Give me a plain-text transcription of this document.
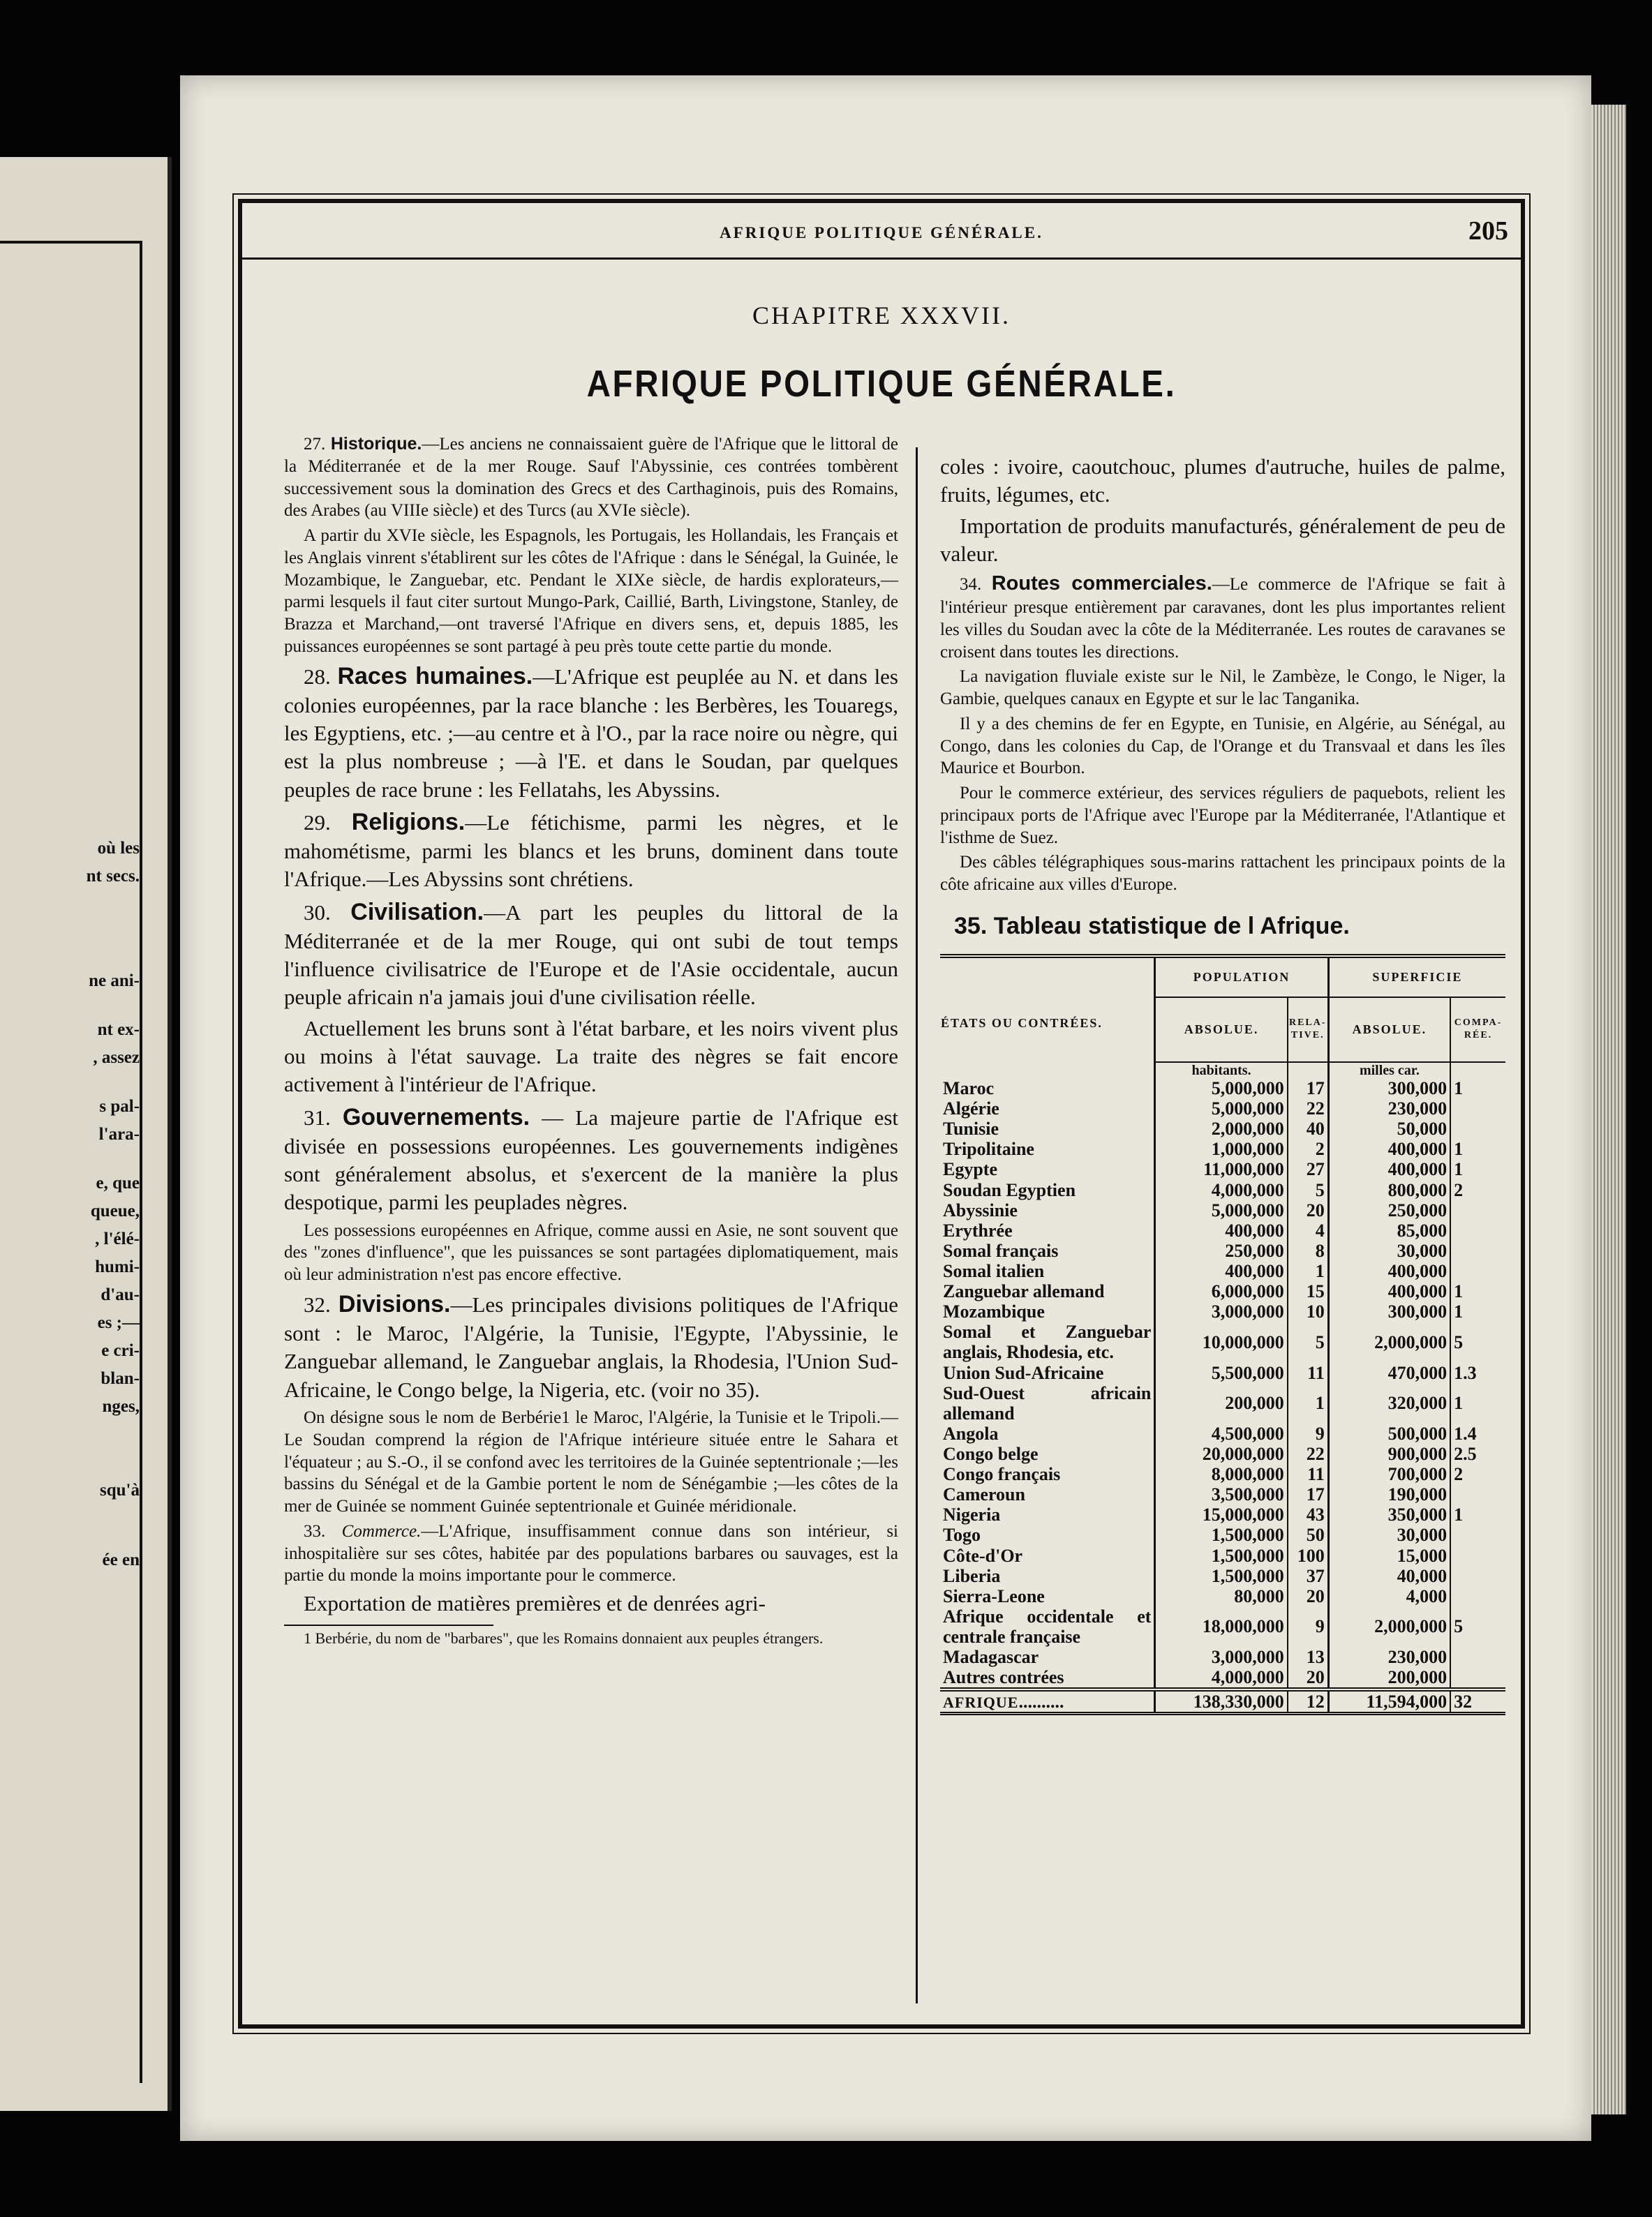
où les
nt secs.
ne ani-
nt ex-
, assez
s pal-
l'ara-
e, que
queue,
, l'élé-
humi-
d'au-
es ;—
e cri-
blan-
nges,
squ'à
ée en
AFRIQUE POLITIQUE GÉNÉRALE.	205
CHAPITRE XXXVII.
AFRIQUE POLITIQUE GÉNÉRALE.

27. Historique.—Les anciens ne connaissaient guère de l'Afrique que le littoral de la Méditerranée et de la mer Rouge. Sauf l'Abyssinie, ces contrées tombèrent successivement sous la domination des Grecs et des Carthaginois, puis des Romains, des Arabes (au VIIIe siècle) et des Turcs (au XVIe siècle).

A partir du XVIe siècle, les Espagnols, les Portugais, les Hollandais, les Français et les Anglais vinrent s'établirent sur les côtes de l'Afrique : dans le Sénégal, la Guinée, le Mozambique, le Zanguebar, etc. Pendant le XIXe siècle, de hardis explorateurs,—parmi lesquels il faut citer surtout Mungo-Park, Caillié, Barth, Livingstone, Stanley, de Brazza et Marchand,—ont traversé l'Afrique en divers sens, et, depuis 1885, les puissances européennes se sont partagé à peu près toute cette partie du monde.

28. Races humaines.—L'Afrique est peuplée au N. et dans les colonies européennes, par la race blanche : les Berbères, les Touaregs, les Egyptiens, etc. ;—au centre et à l'O., par la race noire ou nègre, qui est la plus nombreuse ; —à l'E. et dans le Soudan, par quelques peuples de race brune : les Fellatahs, les Abyssins.

29. Religions.—Le fétichisme, parmi les nègres, et le mahométisme, parmi les blancs et les bruns, dominent dans toute l'Afrique.—Les Abyssins sont chrétiens.

30. Civilisation.—A part les peuples du littoral de la Méditerranée et de la mer Rouge, qui ont subi de tout temps l'influence civilisatrice de l'Europe et de l'Asie occidentale, aucun peuple africain n'a jamais joui d'une civilisation réelle.

Actuellement les bruns sont à l'état barbare, et les noirs vivent plus ou moins à l'état sauvage. La traite des nègres se fait encore activement à l'intérieur de l'Afrique.

31. Gouvernements. — La majeure partie de l'Afrique est divisée en possessions européennes. Les gouvernements indigènes sont généralement absolus, et s'exercent de la manière la plus despotique, parmi les peuplades nègres.

Les possessions européennes en Afrique, comme aussi en Asie, ne sont souvent que des "zones d'influence", que les puissances se sont partagées diplomatiquement, mais où leur administration n'est pas encore effective.

32. Divisions.—Les principales divisions politiques de l'Afrique sont : le Maroc, l'Algérie, la Tunisie, l'Egypte, l'Abyssinie, le Zanguebar allemand, le Zanguebar anglais, la Rhodesia, l'Union Sud-Africaine, le Congo belge, la Nigeria, etc. (voir no 35).

On désigne sous le nom de Berbérie1 le Maroc, l'Algérie, la Tunisie et le Tripoli.—Le Soudan comprend la région de l'Afrique intérieure située entre le Sahara et l'équateur ; au S.-O., il se confond avec les territoires de la Guinée septentrionale ;—les bassins du Sénégal et de la Gambie portent le nom de Sénégambie ;—les côtes de la mer de Guinée se nomment Guinée septentrionale et Guinée méridionale.

33. Commerce.—L'Afrique, insuffisamment connue dans son intérieur, si inhospitalière sur ses côtes, habitée par des populations barbares ou sauvages, est la partie du monde la moins importante pour le commerce.

Exportation de matières premières et de denrées agri-

1 Berbérie, du nom de "barbares", que les Romains donnaient aux peuples étrangers.

coles : ivoire, caoutchouc, plumes d'autruche, huiles de palme, fruits, légumes, etc.

Importation de produits manufacturés, généralement de peu de valeur.

34. Routes commerciales.—Le commerce de l'Afrique se fait à l'intérieur presque entièrement par caravanes, dont les plus importantes relient les villes du Soudan avec la côte de la Méditerranée. Les routes de caravanes se croisent dans toutes les directions.

La navigation fluviale existe sur le Nil, le Zambèze, le Congo, le Niger, la Gambie, quelques canaux en Egypte et sur le lac Tanganika.

Il y a des chemins de fer en Egypte, en Tunisie, en Algérie, au Sénégal, au Congo, dans les colonies du Cap, de l'Orange et du Transvaal et dans les îles Maurice et Bourbon.

Pour le commerce extérieur, des services réguliers de paquebots, relient les principaux ports de l'Afrique avec l'Europe par la Méditerranée, l'Atlantique et l'isthme de Suez.

Des câbles télégraphiques sous-marins rattachent les principaux points de la côte africaine aux villes d'Europe.

35. Tableau statistique de l Afrique.
ÉTATS OU CONTRÉES.	POPULATION		SUPERFICIE	
	ABSOLUE.	RELA-TIVE.	ABSOLUE.	COMPA-RÉE.
	habitants.		milles car.	
Maroc	5,000,000	17	300,000	1
Algérie	5,000,000	22	230,000	
Tunisie	2,000,000	40	50,000	
Tripolitaine	1,000,000	2	400,000	1
Egypte	11,000,000	27	400,000	1
Soudan Egyptien	4,000,000	5	800,000	2
Abyssinie	5,000,000	20	250,000	
Erythrée	400,000	4	85,000	
Somal français	250,000	8	30,000	
Somal italien	400,000	1	400,000	
Zanguebar allemand	6,000,000	15	400,000	1
Mozambique	3,000,000	10	300,000	1
Somal et Zanguebar anglais, Rhodesia, etc.	10,000,000	5	2,000,000	5
Union Sud-Africaine	5,500,000	11	470,000	1.3
Sud-Ouest africain allemand	200,000	1	320,000	1
Angola	4,500,000	9	500,000	1.4
Congo belge	20,000,000	22	900,000	2.5
Congo français	8,000,000	11	700,000	2
Cameroun	3,500,000	17	190,000	
Nigeria	15,000,000	43	350,000	1
Togo	1,500,000	50	30,000	
Côte-d'Or	1,500,000	100	15,000	
Liberia	1,500,000	37	40,000	
Sierra-Leone	80,000	20	4,000	
Afrique occidentale et centrale française	18,000,000	9	2,000,000	5
Madagascar	3,000,000	13	230,000	
Autres contrées	4,000,000	20	200,000	
AFRIQUE..........	138,330,000	12	11,594,000	32
